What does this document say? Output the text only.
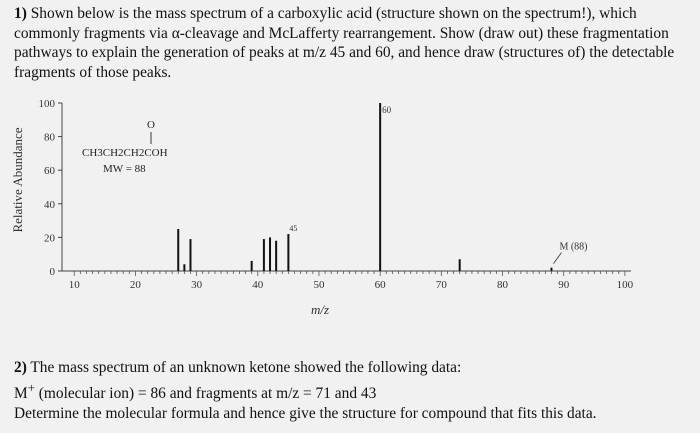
1) Shown below is the mass spectrum of a carboxylic acid (structure shown on the spectrum!), which commonly fragments via α-cleavage and McLafferty rearrangement. Show (draw out) these fragmentation pathways to explain the generation of peaks at m/z 45 and 60, and hence draw (structures of) the detectable fragments of those peaks.
Relative Abundance
m/z
O
CH3CH2CH2COH
MW = 88
0
20
40
60
80
100
10	20	30	40	50	60	70	80	90	100
45
60
M (88)
2) The mass spectrum of an unknown ketone showed the following data:
M+ (molecular ion) = 86 and fragments at m/z = 71 and 43
Determine the molecular formula and hence give the structure for compound that fits this data.
